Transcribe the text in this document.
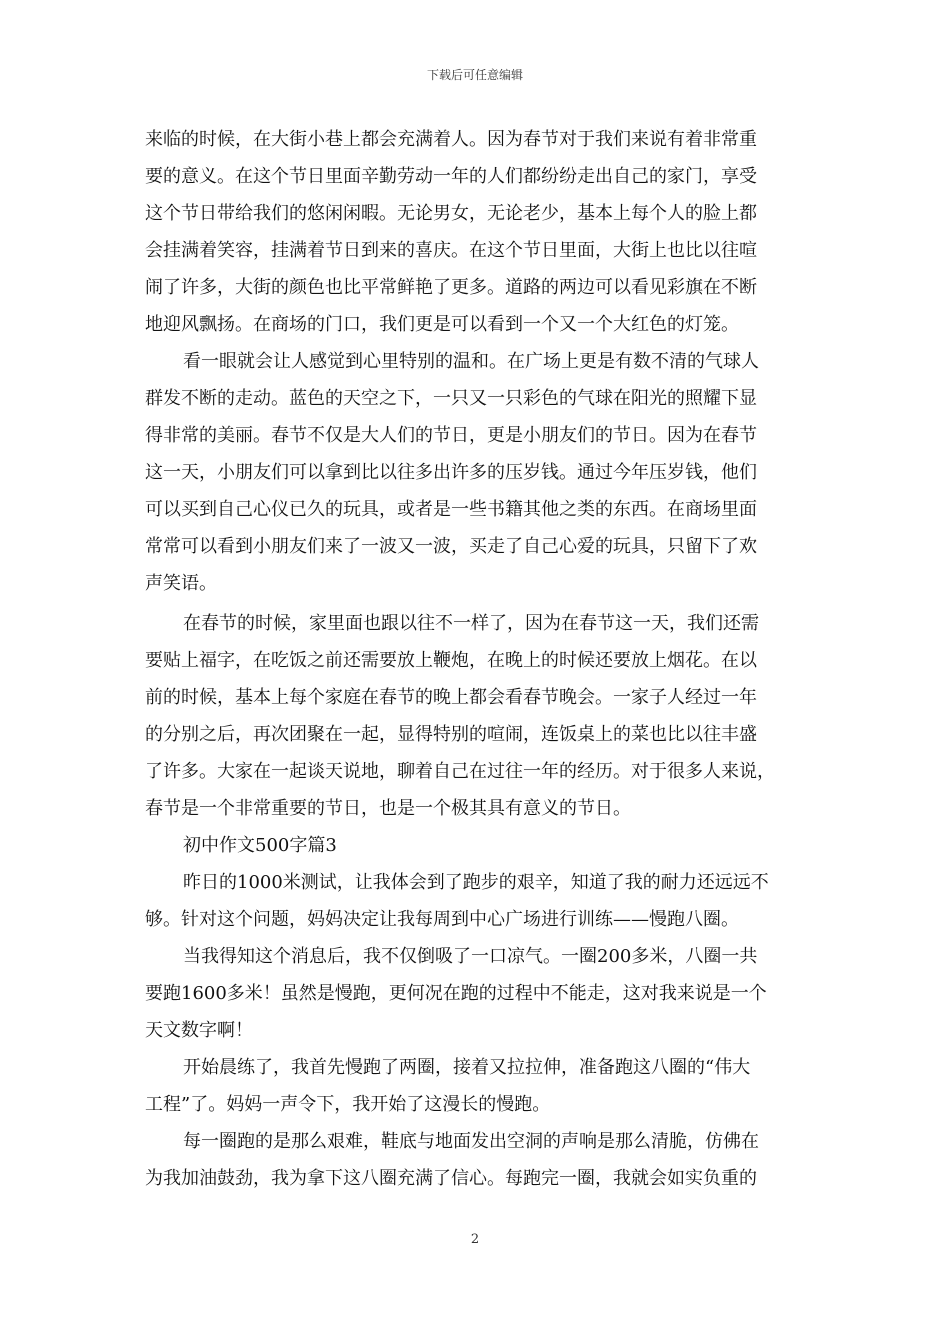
下载后可任意编辑
来临的时候，在大街小巷上都会充满着人。因为春节对于我们来说有着非常重
要的意义。在这个节日里面辛勤劳动一年的人们都纷纷走出自己的家门，享受
这个节日带给我们的悠闲闲暇。无论男女，无论老少，基本上每个人的脸上都
会挂满着笑容，挂满着节日到来的喜庆。在这个节日里面，大街上也比以往喧
闹了许多，大街的颜色也比平常鲜艳了更多。道路的两边可以看见彩旗在不断
地迎风飘扬。在商场的门口，我们更是可以看到一个又一个大红色的灯笼。
看一眼就会让人感觉到心里特别的温和。在广场上更是有数不清的气球人
群发不断的走动。蓝色的天空之下，一只又一只彩色的气球在阳光的照耀下显
得非常的美丽。春节不仅是大人们的节日，更是小朋友们的节日。因为在春节
这一天，小朋友们可以拿到比以往多出许多的压岁钱。通过今年压岁钱，他们
可以买到自己心仪已久的玩具，或者是一些书籍其他之类的东西。在商场里面
常常可以看到小朋友们来了一波又一波，买走了自己心爱的玩具，只留下了欢
声笑语。
在春节的时候，家里面也跟以往不一样了，因为在春节这一天，我们还需
要贴上福字，在吃饭之前还需要放上鞭炮，在晚上的时候还要放上烟花。在以
前的时候，基本上每个家庭在春节的晚上都会看春节晚会。一家子人经过一年
的分别之后，再次团聚在一起，显得特别的喧闹，连饭桌上的菜也比以往丰盛
了许多。大家在一起谈天说地，聊着自己在过往一年的经历。对于很多人来说，
春节是一个非常重要的节日，也是一个极其具有意义的节日。
初中作文500字篇3
昨日的1000米测试，让我体会到了跑步的艰辛，知道了我的耐力还远远不
够。针对这个问题，妈妈决定让我每周到中心广场进行训练——慢跑八圈。
当我得知这个消息后，我不仅倒吸了一口凉气。一圈200多米，八圈一共
要跑1600多米！虽然是慢跑，更何况在跑的过程中不能走，这对我来说是一个
天文数字啊！
开始晨练了，我首先慢跑了两圈，接着又拉拉伸，准备跑这八圈的“伟大
工程”了。妈妈一声令下，我开始了这漫长的慢跑。
每一圈跑的是那么艰难，鞋底与地面发出空洞的声响是那么清脆，仿佛在
为我加油鼓劲，我为拿下这八圈充满了信心。每跑完一圈，我就会如实负重的
2
